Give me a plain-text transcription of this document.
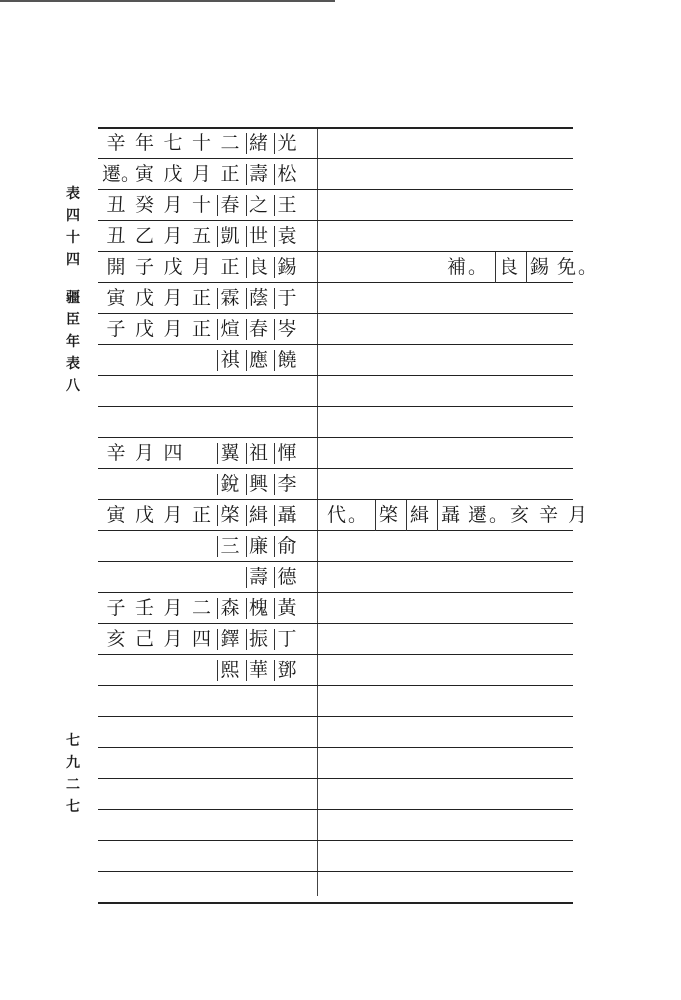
表
四
十
四
疆
臣
年
表
八
七
九
二
七
辛 年 七 十 二 緒 光
遷。
寅 戊 月 正 壽 松
丑 癸 月 十 春 之 王
丑 乙 月 五 凱 世 袁
開 子 戊 月 正 良 錫	補。 良 錫 免。
寅 戊 月 正 霖 蔭 于
子 戊 月 正 煊 春 岑
祺 應 饒
辛 月 四 翼 祖 惲
銳 興 李
寅 戊 月 正 棨 緝 聶 代。 棨 緝 聶 遷。亥 辛 月
三 廉 俞
壽 德
子 壬 月 二 森 槐 黃
亥 己 月 四 鐸 振 丁
熙 華 鄧
